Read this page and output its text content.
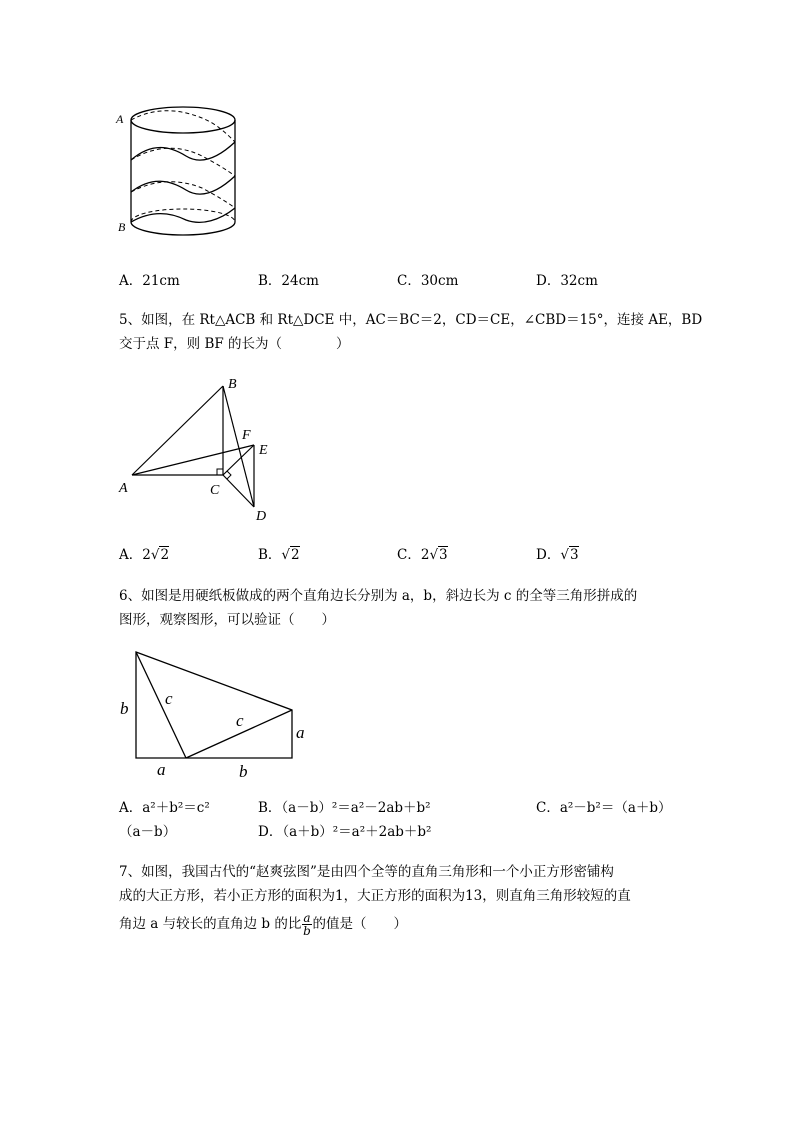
A
B
A．21cm	B．24cm	C．30cm	D．32cm
5、如图，在 Rt△ACB 和 Rt△DCE 中，AC＝BC＝2，CD＝CE，∠CBD＝15°，连接 AE，BD
交于点 F，则 BF 的长为（　　　　）
B
A	C
D
E
F
A．2√2	B．√2	C．2√3	D．√3
6、如图是用硬纸板做成的两个直角边长分别为 a，b，斜边长为 c 的全等三角形拼成的
图形，观察图形，可以验证（　　）
b
c
c
a
a	b
A．a²＋b²＝c²	B．（a－b）²＝a²－2ab＋b²	C．a²－b²＝（a＋b）
（a－b）	D．（a＋b）²＝a²＋2ab＋b²
7、如图，我国古代的“赵爽弦图”是由四个全等的直角三角形和一个小正方形密铺构
成的大正方形，若小正方形的面积为1，大正方形的面积为13，则直角三角形较短的直
角边 a 与较长的直角边 b 的比 $\frac{a}{b}$ 的值是（　　）
